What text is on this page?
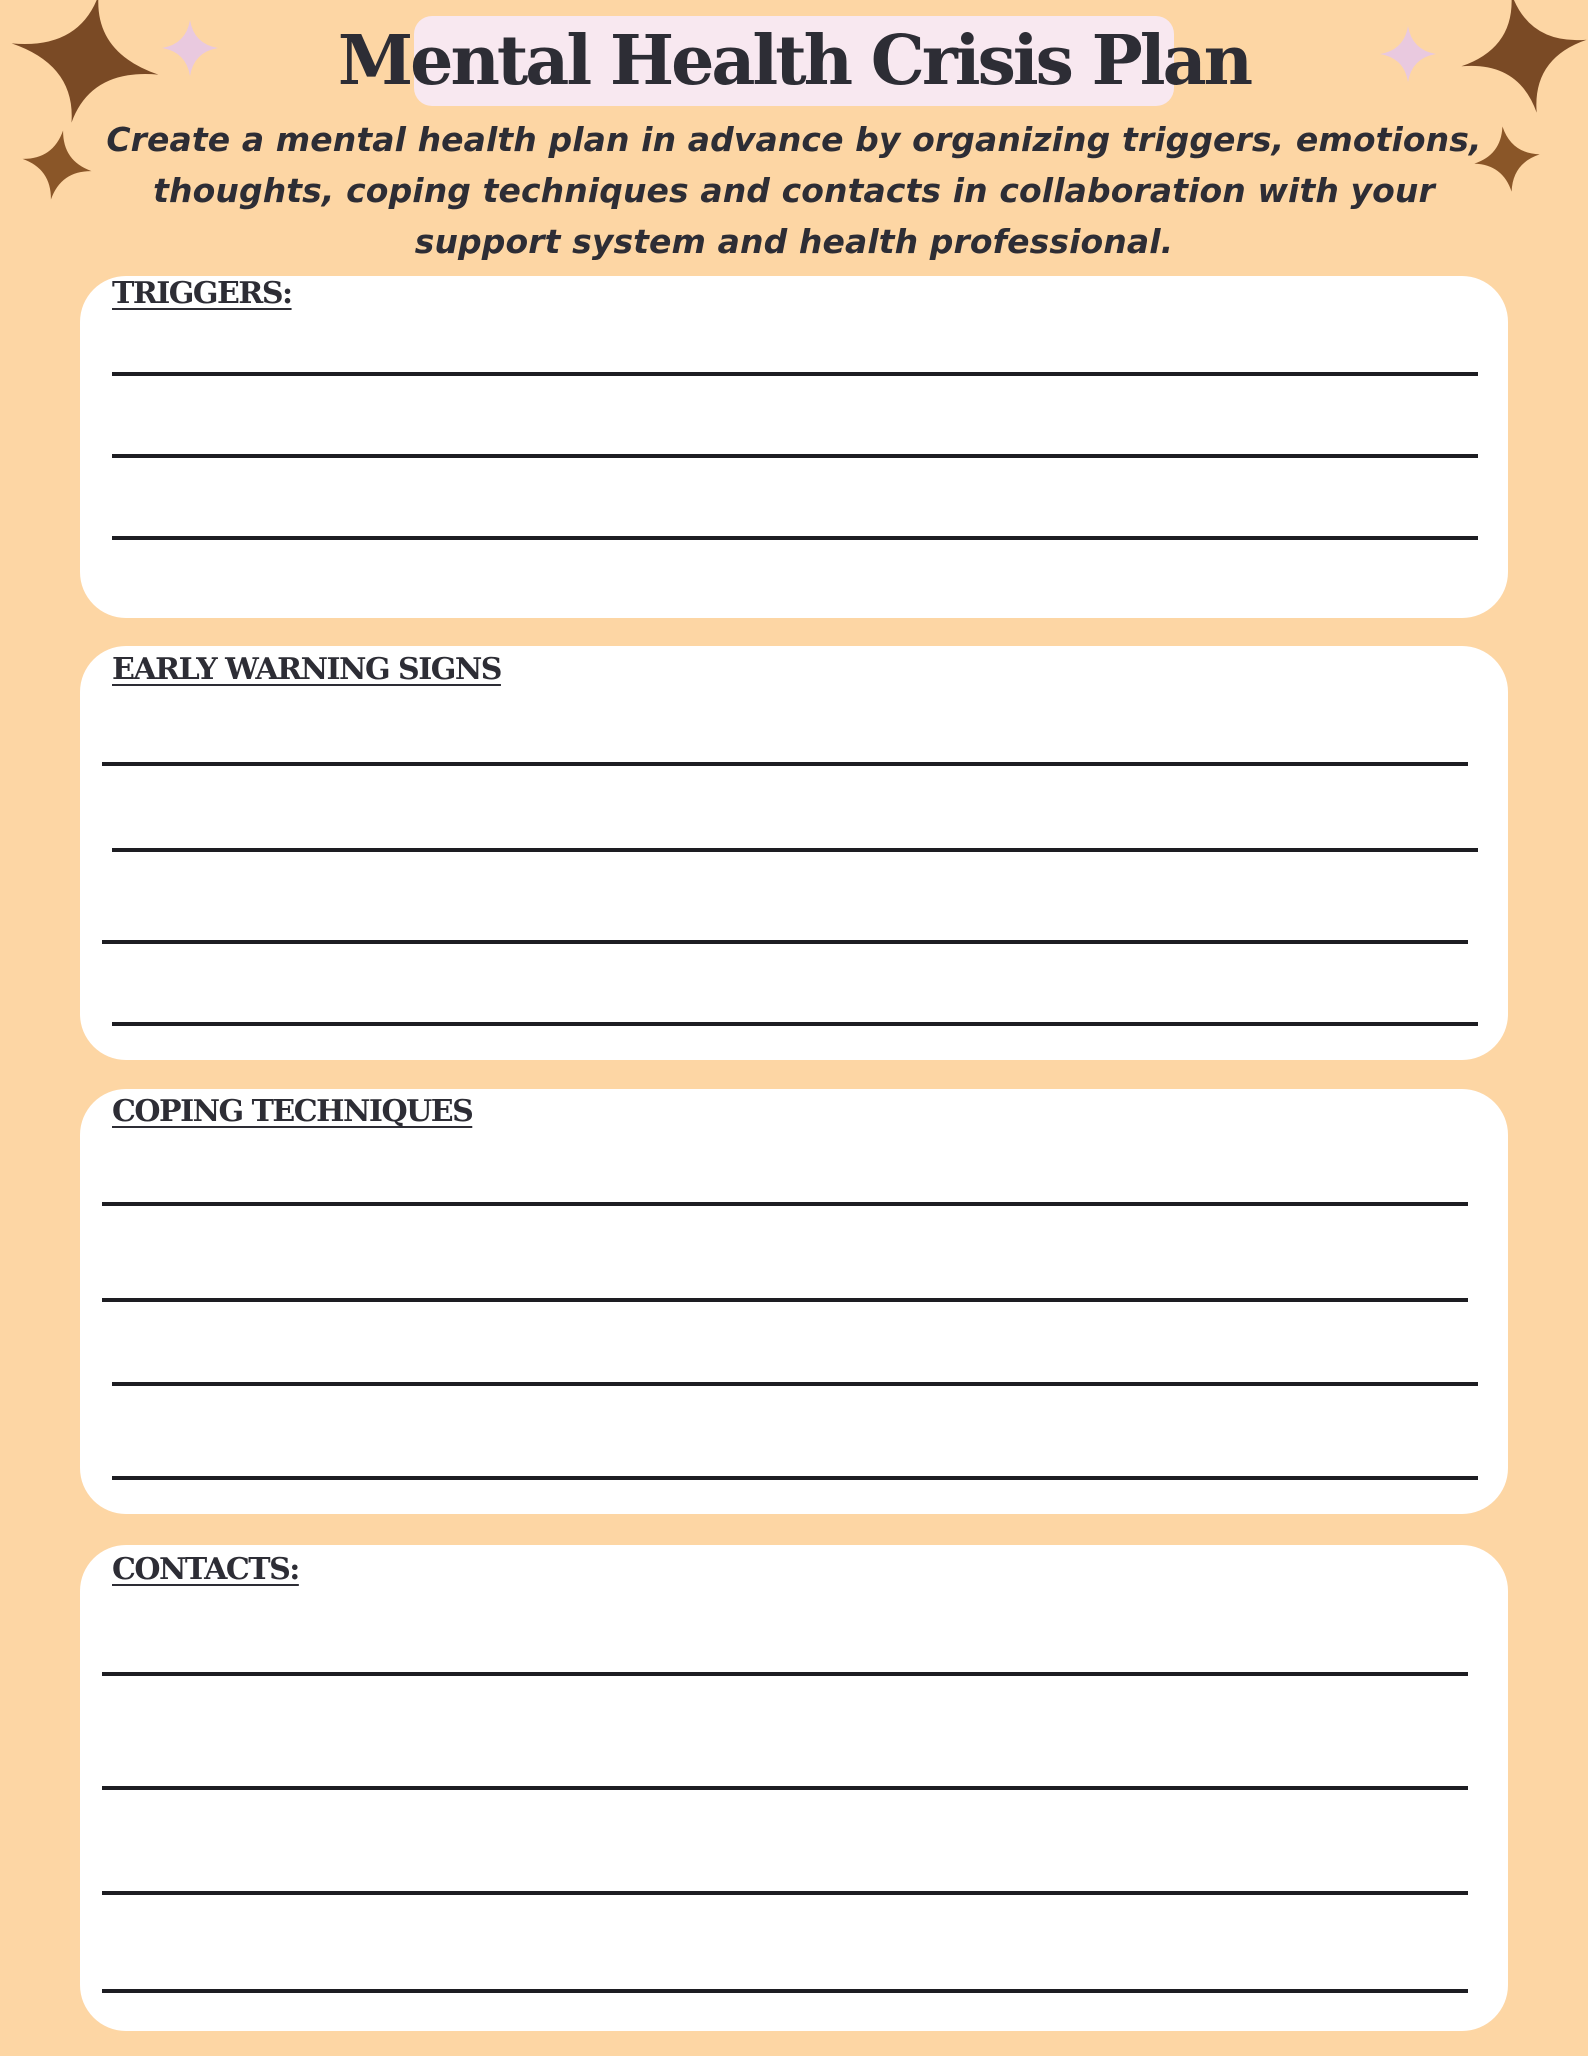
Mental Health Crisis Plan

Create a mental health plan in advance by organizing triggers, emotions, thoughts, coping techniques and contacts in collaboration with your support system and health professional.

TRIGGERS:
EARLY WARNING SIGNS
COPING TECHNIQUES
CONTACTS:
